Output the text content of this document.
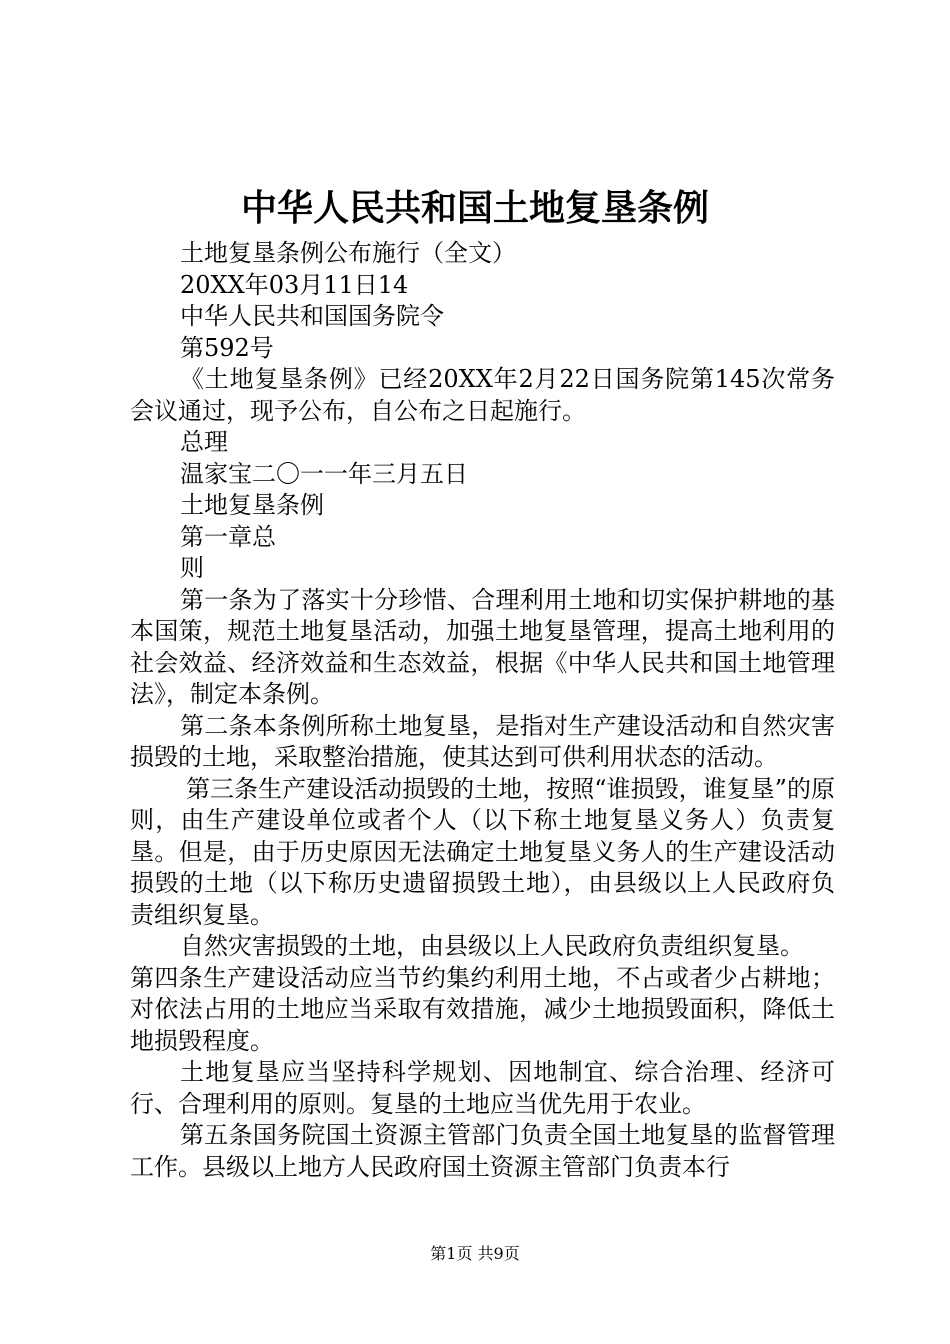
中华人民共和国土地复垦条例

土地复垦条例公布施行（全文）

20XX年03月11日14

中华人民共和国国务院令

第592号

《土地复垦条例》已经20XX年2月22日国务院第145次常务会议通过，现予公布，自公布之日起施行。

总理

温家宝二〇一一年三月五日

土地复垦条例

第一章总

则

第一条为了落实十分珍惜、合理利用土地和切实保护耕地的基本国策，规范土地复垦活动，加强土地复垦管理，提高土地利用的社会效益、经济效益和生态效益，根据《中华人民共和国土地管理法》，制定本条例。

第二条本条例所称土地复垦，是指对生产建设活动和自然灾害损毁的土地，采取整治措施，使其达到可供利用状态的活动。

第三条生产建设活动损毁的土地，按照“谁损毁，谁复垦”的原则，由生产建设单位或者个人（以下称土地复垦义务人）负责复垦。但是，由于历史原因无法确定土地复垦义务人的生产建设活动损毁的土地（以下称历史遗留损毁土地），由县级以上人民政府负责组织复垦。

自然灾害损毁的土地，由县级以上人民政府负责组织复垦。

第四条生产建设活动应当节约集约利用土地，不占或者少占耕地；对依法占用的土地应当采取有效措施，减少土地损毁面积，降低土地损毁程度。

土地复垦应当坚持科学规划、因地制宜、综合治理、经济可行、合理利用的原则。复垦的土地应当优先用于农业。

第五条国务院国土资源主管部门负责全国土地复垦的监督管理工作。县级以上地方人民政府国土资源主管部门负责本行

第1页 共9页
